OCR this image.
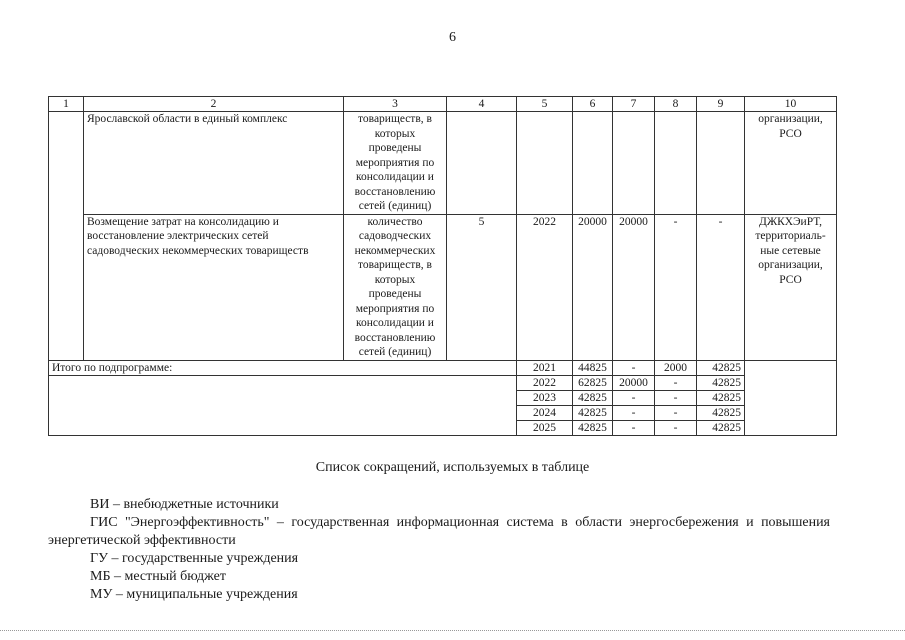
6
1	2	3	4	5	6	7	8	9	10
	Ярославской области в единый комплекс	товариществ, в которых проведены мероприятия по консолидации и восстановлению сетей (единиц)							организации, РСО
	Возмещение затрат на консолидацию и восстановление электрических сетей садоводческих некоммерческих товариществ	количество садоводческих некоммерческих товариществ, в которых проведены мероприятия по консолидации и восстановлению сетей (единиц)	5	2022	20000	20000	-	-	ДЖКХЭиРТ, территориаль-ные сетевые организации, РСО
Итого по подпрограмме:				2021	44825	-	2000	42825	
				2022	62825	20000	-	42825	
				2023	42825	-	-	42825	
				2024	42825	-	-	42825	
				2025	42825	-	-	42825	
Список сокращений, используемых в таблице
ВИ – внебюджетные источники
ГИС "Энергоэффективность" – государственная информационная система в области энергосбережения и повышения энергетической эффективности
ГУ – государственные учреждения
МБ – местный бюджет
МУ – муниципальные учреждения
